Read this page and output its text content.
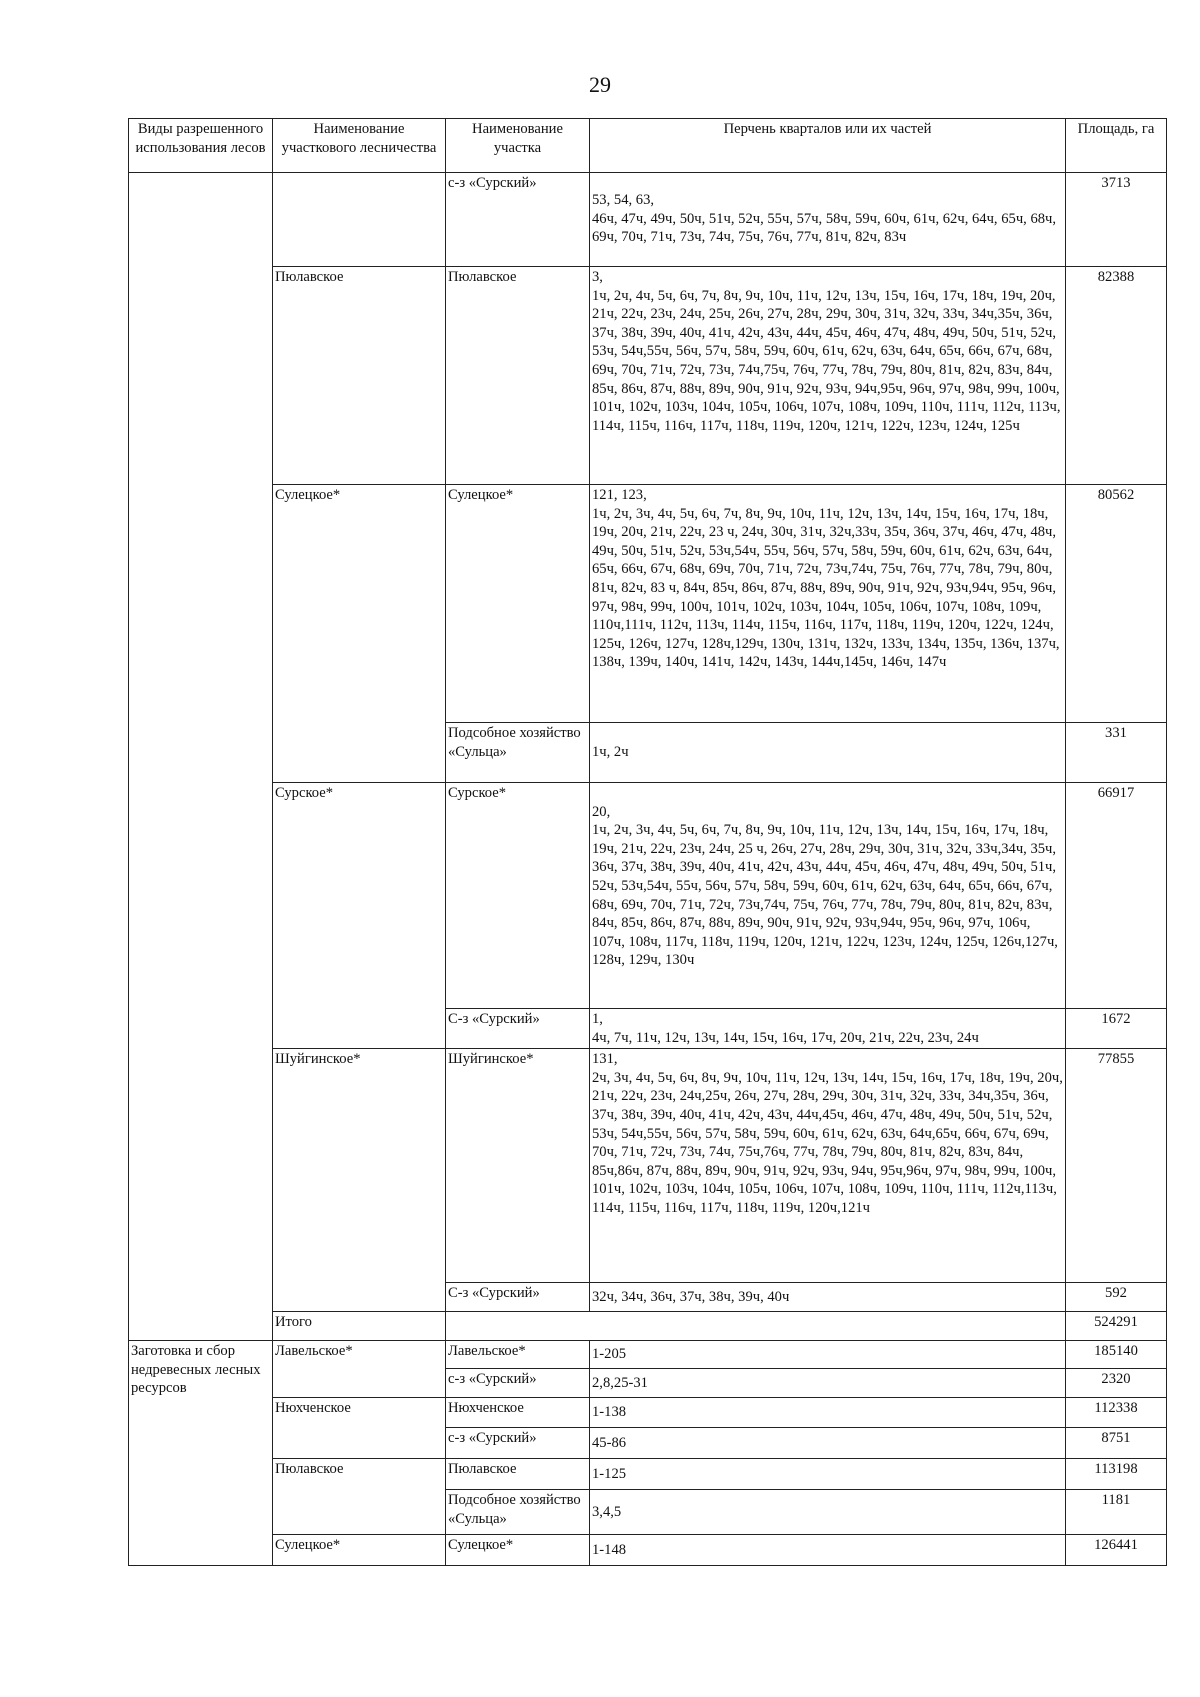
29
Виды разрешенного использования лесов	Наименование участкового лесничества	Наименование участка	Перчень кварталов или их частей	Площадь, га
		с-з «Сурский»	53, 54, 63,
46ч, 47ч, 49ч, 50ч, 51ч, 52ч, 55ч, 57ч, 58ч, 59ч, 60ч, 61ч, 62ч, 64ч, 65ч, 68ч, 69ч, 70ч, 71ч, 73ч, 74ч, 75ч, 76ч, 77ч, 81ч, 82ч, 83ч	3713
	Пюлавское	Пюлавское	3,
1ч, 2ч, 4ч, 5ч, 6ч, 7ч, 8ч, 9ч, 10ч, 11ч, 12ч, 13ч, 15ч, 16ч, 17ч, 18ч, 19ч, 20ч, 21ч, 22ч, 23ч, 24ч, 25ч, 26ч, 27ч, 28ч, 29ч, 30ч, 31ч, 32ч, 33ч, 34ч,35ч, 36ч, 37ч, 38ч, 39ч, 40ч, 41ч, 42ч, 43ч, 44ч, 45ч, 46ч, 47ч, 48ч, 49ч, 50ч, 51ч, 52ч, 53ч, 54ч,55ч, 56ч, 57ч, 58ч, 59ч, 60ч, 61ч, 62ч, 63ч, 64ч, 65ч, 66ч, 67ч, 68ч, 69ч, 70ч, 71ч, 72ч, 73ч, 74ч,75ч, 76ч, 77ч, 78ч, 79ч, 80ч, 81ч, 82ч, 83ч, 84ч, 85ч, 86ч, 87ч, 88ч, 89ч, 90ч, 91ч, 92ч, 93ч, 94ч,95ч, 96ч, 97ч, 98ч, 99ч, 100ч, 101ч, 102ч, 103ч, 104ч, 105ч, 106ч, 107ч, 108ч, 109ч, 110ч, 111ч, 112ч, 113ч, 114ч, 115ч, 116ч, 117ч, 118ч, 119ч, 120ч, 121ч, 122ч, 123ч, 124ч, 125ч	82388
	Сулецкое*	Сулецкое*	121, 123,
1ч, 2ч, 3ч, 4ч, 5ч, 6ч, 7ч, 8ч, 9ч, 10ч, 11ч, 12ч, 13ч, 14ч, 15ч, 16ч, 17ч, 18ч, 19ч, 20ч, 21ч, 22ч, 23 ч, 24ч, 30ч, 31ч, 32ч,33ч, 35ч, 36ч, 37ч, 46ч, 47ч, 48ч, 49ч, 50ч, 51ч, 52ч, 53ч,54ч, 55ч, 56ч, 57ч, 58ч, 59ч, 60ч, 61ч, 62ч, 63ч, 64ч, 65ч, 66ч, 67ч, 68ч, 69ч, 70ч, 71ч, 72ч, 73ч,74ч, 75ч, 76ч, 77ч, 78ч, 79ч, 80ч, 81ч, 82ч, 83 ч, 84ч, 85ч, 86ч, 87ч, 88ч, 89ч, 90ч, 91ч, 92ч, 93ч,94ч, 95ч, 96ч, 97ч, 98ч, 99ч, 100ч, 101ч, 102ч, 103ч, 104ч, 105ч, 106ч, 107ч, 108ч, 109ч, 110ч,111ч, 112ч, 113ч, 114ч, 115ч, 116ч, 117ч, 118ч, 119ч, 120ч, 122ч, 124ч, 125ч, 126ч, 127ч, 128ч,129ч, 130ч, 131ч, 132ч, 133ч, 134ч, 135ч, 136ч, 137ч, 138ч, 139ч, 140ч, 141ч, 142ч, 143ч, 144ч,145ч, 146ч, 147ч	80562
		Подсобное хозяйство «Сульца»	1ч, 2ч	331
	Сурское*	Сурское*	
20,
1ч, 2ч, 3ч, 4ч, 5ч, 6ч, 7ч, 8ч, 9ч, 10ч, 11ч, 12ч, 13ч, 14ч, 15ч, 16ч, 17ч, 18ч, 19ч, 21ч, 22ч, 23ч, 24ч, 25 ч, 26ч, 27ч, 28ч, 29ч, 30ч, 31ч, 32ч, 33ч,34ч, 35ч, 36ч, 37ч, 38ч, 39ч, 40ч, 41ч, 42ч, 43ч, 44ч, 45ч, 46ч, 47ч, 48ч, 49ч, 50ч, 51ч, 52ч, 53ч,54ч, 55ч, 56ч, 57ч, 58ч, 59ч, 60ч, 61ч, 62ч, 63ч, 64ч, 65ч, 66ч, 67ч, 68ч, 69ч, 70ч, 71ч, 72ч, 73ч,74ч, 75ч, 76ч, 77ч, 78ч, 79ч, 80ч, 81ч, 82ч, 83ч, 84ч, 85ч, 86ч, 87ч, 88ч, 89ч, 90ч, 91ч, 92ч, 93ч,94ч, 95ч, 96ч, 97ч, 106ч, 107ч, 108ч, 117ч, 118ч, 119ч, 120ч, 121ч, 122ч, 123ч, 124ч, 125ч, 126ч,127ч, 128ч, 129ч, 130ч	66917
		С-з «Сурский»	1,
4ч, 7ч, 11ч, 12ч, 13ч, 14ч, 15ч, 16ч, 17ч, 20ч, 21ч, 22ч, 23ч, 24ч	1672
	Шуйгинское*	Шуйгинское*	131,
2ч, 3ч, 4ч, 5ч, 6ч, 8ч, 9ч, 10ч, 11ч, 12ч, 13ч, 14ч, 15ч, 16ч, 17ч, 18ч, 19ч, 20ч, 21ч, 22ч, 23ч, 24ч,25ч, 26ч, 27ч, 28ч, 29ч, 30ч, 31ч, 32ч, 33ч, 34ч,35ч, 36ч, 37ч, 38ч, 39ч, 40ч, 41ч, 42ч, 43ч, 44ч,45ч, 46ч, 47ч, 48ч, 49ч, 50ч, 51ч, 52ч, 53ч, 54ч,55ч, 56ч, 57ч, 58ч, 59ч, 60ч, 61ч, 62ч, 63ч, 64ч,65ч, 66ч, 67ч, 69ч, 70ч, 71ч, 72ч, 73ч, 74ч, 75ч,76ч, 77ч, 78ч, 79ч, 80ч, 81ч, 82ч, 83ч, 84ч, 85ч,86ч, 87ч, 88ч, 89ч, 90ч, 91ч, 92ч, 93ч, 94ч, 95ч,96ч, 97ч, 98ч, 99ч, 100ч, 101ч, 102ч, 103ч, 104ч, 105ч, 106ч, 107ч, 108ч, 109ч, 110ч, 111ч, 112ч,113ч, 114ч, 115ч, 116ч, 117ч, 118ч, 119ч, 120ч,121ч	77855
		С-з «Сурский»	32ч, 34ч, 36ч, 37ч, 38ч, 39ч, 40ч	592
	Итого			524291
Заготовка и сбор недревесных лесных ресурсов	Лавельское*	Лавельское*	1-205	185140
		с-з «Сурский»	2,8,25-31	2320
	Нюхченское	Нюхченское	1-138	112338
		с-з «Сурский»	45-86	8751
	Пюлавское	Пюлавское	1-125	113198
		Подсобное хозяйство «Сульца»	3,4,5	1181
	Сулецкое*	Сулецкое*	1-148	126441
